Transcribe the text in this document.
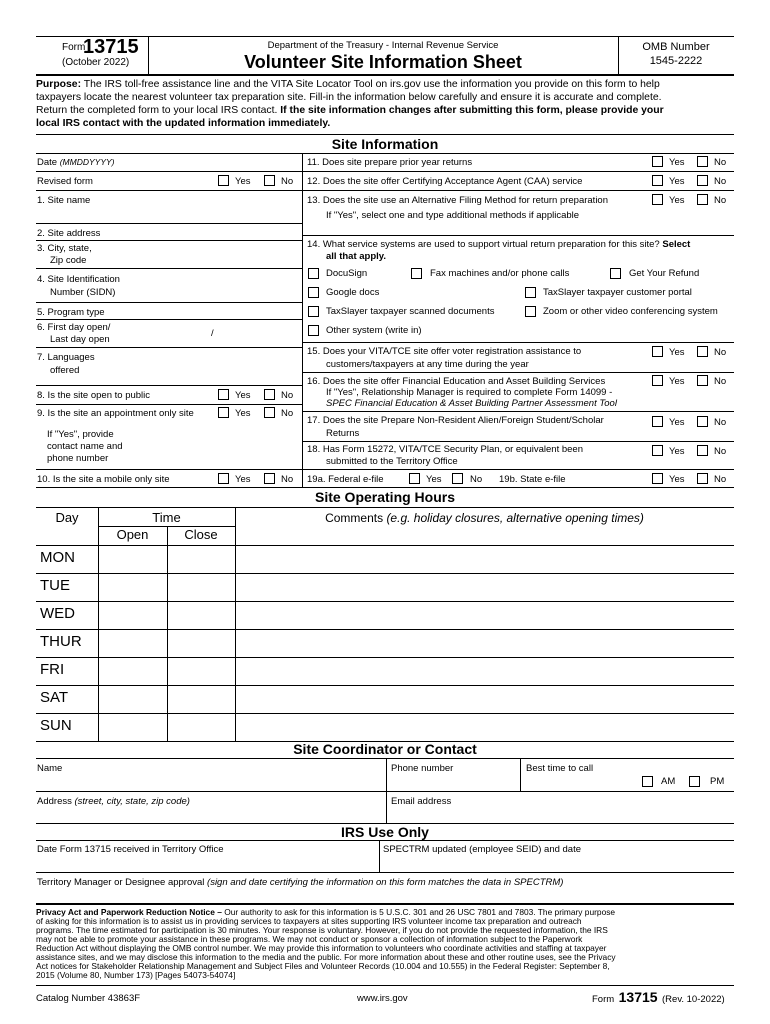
Form
13715
(October 2022)
Department of the Treasury - Internal Revenue Service
Volunteer Site Information Sheet
OMB Number
1545-2222
Purpose: The IRS toll-free assistance line and the VITA Site Locator Tool on irs.gov use the information you provide on this form to help
taxpayers locate the nearest volunteer tax preparation site. Fill-in the information below carefully and ensure it is accurate and complete.
Return the completed form to your local IRS contact. If the site information changes after submitting this form, please provide your
local IRS contact with the updated information immediately.
Site Information
Date (MMDDYYYY)
Revised form	Yes	No
1. Site name
2. Site address
3. City, state,
Zip code
4. Site Identification
Number (SIDN)
5. Program type
6. First day open/
Last day open
/
7. Languages
offered
8. Is the site open to public	Yes	No
9. Is the site an appointment only site	Yes	No
If "Yes", provide
contact name and
phone number
10. Is the site a mobile only site	Yes	No
11. Does site prepare prior year returns	Yes	No
12. Does the site offer Certifying Acceptance Agent (CAA) service	Yes	No
13. Does the site use an Alternative Filing Method for return preparation	Yes	No
If "Yes", select one and type additional methods if applicable
14. What service systems are used to support virtual return preparation for this site? Select
all that apply.
DocuSign	Fax machines and/or phone calls	Get Your Refund
Google docs	TaxSlayer taxpayer customer portal
TaxSlayer taxpayer scanned documents	Zoom or other video conferencing system
Other system (write in)
15. Does your VITA/TCE site offer voter registration assistance to
customers/taxpayers at any time during the year
Yes	No
16. Does the site offer Financial Education and Asset Building Services
If "Yes", Relationship Manager is required to complete Form 14099 -
SPEC Financial Education & Asset Building Partner Assessment Tool
Yes	No
17. Does the site Prepare Non-Resident Alien/Foreign Student/Scholar
Returns
Yes	No
18. Has Form 15272, VITA/TCE Security Plan, or equivalent been
submitted to the Territory Office
Yes	No
19a. Federal e-file	Yes	No 19b. State e-file	Yes	No
Site Operating Hours
Day	Time
Open	Close
Comments (e.g. holiday closures, alternative opening times)
MON
TUE
WED
THUR
FRI
SAT
SUN
Site Coordinator or Contact
Name	Phone number	Best time to call
AM	PM
Address (street, city, state, zip code)	Email address
IRS Use Only
Date Form 13715 received in Territory Office	SPECTRM updated (employee SEID) and date
Territory Manager or Designee approval (sign and date certifying the information on this form matches the data in SPECTRM)
Privacy Act and Paperwork Reduction Notice – Our authority to ask for this information is 5 U.S.C. 301 and 26 USC 7801 and 7803. The primary purpose
of asking for this information is to assist us in providing services to taxpayers at sites supporting IRS volunteer income tax preparation and outreach
programs. The time estimated for participation is 30 minutes. Your response is voluntary. However, if you do not provide the requested information, the IRS
may not be able to promote your assistance in these programs. We may not conduct or sponsor a collection of information subject to the Paperwork
Reduction Act without displaying the OMB control number. We may provide this information to volunteers who coordinate activities and staffing at taxpayer
assistance sites, and we may disclose this information to the media and the public. For more information about these and other routine uses, see the Privacy
Act notices for Stakeholder Relationship Management and Subject Files and Volunteer Records (10.004 and 10.555) in the Federal Register: September 8,
2015 (Volume 80, Number 173) [Pages 54073-54074]
Catalog Number 43863F	www.irs.gov	Form 13715 (Rev. 10-2022)
